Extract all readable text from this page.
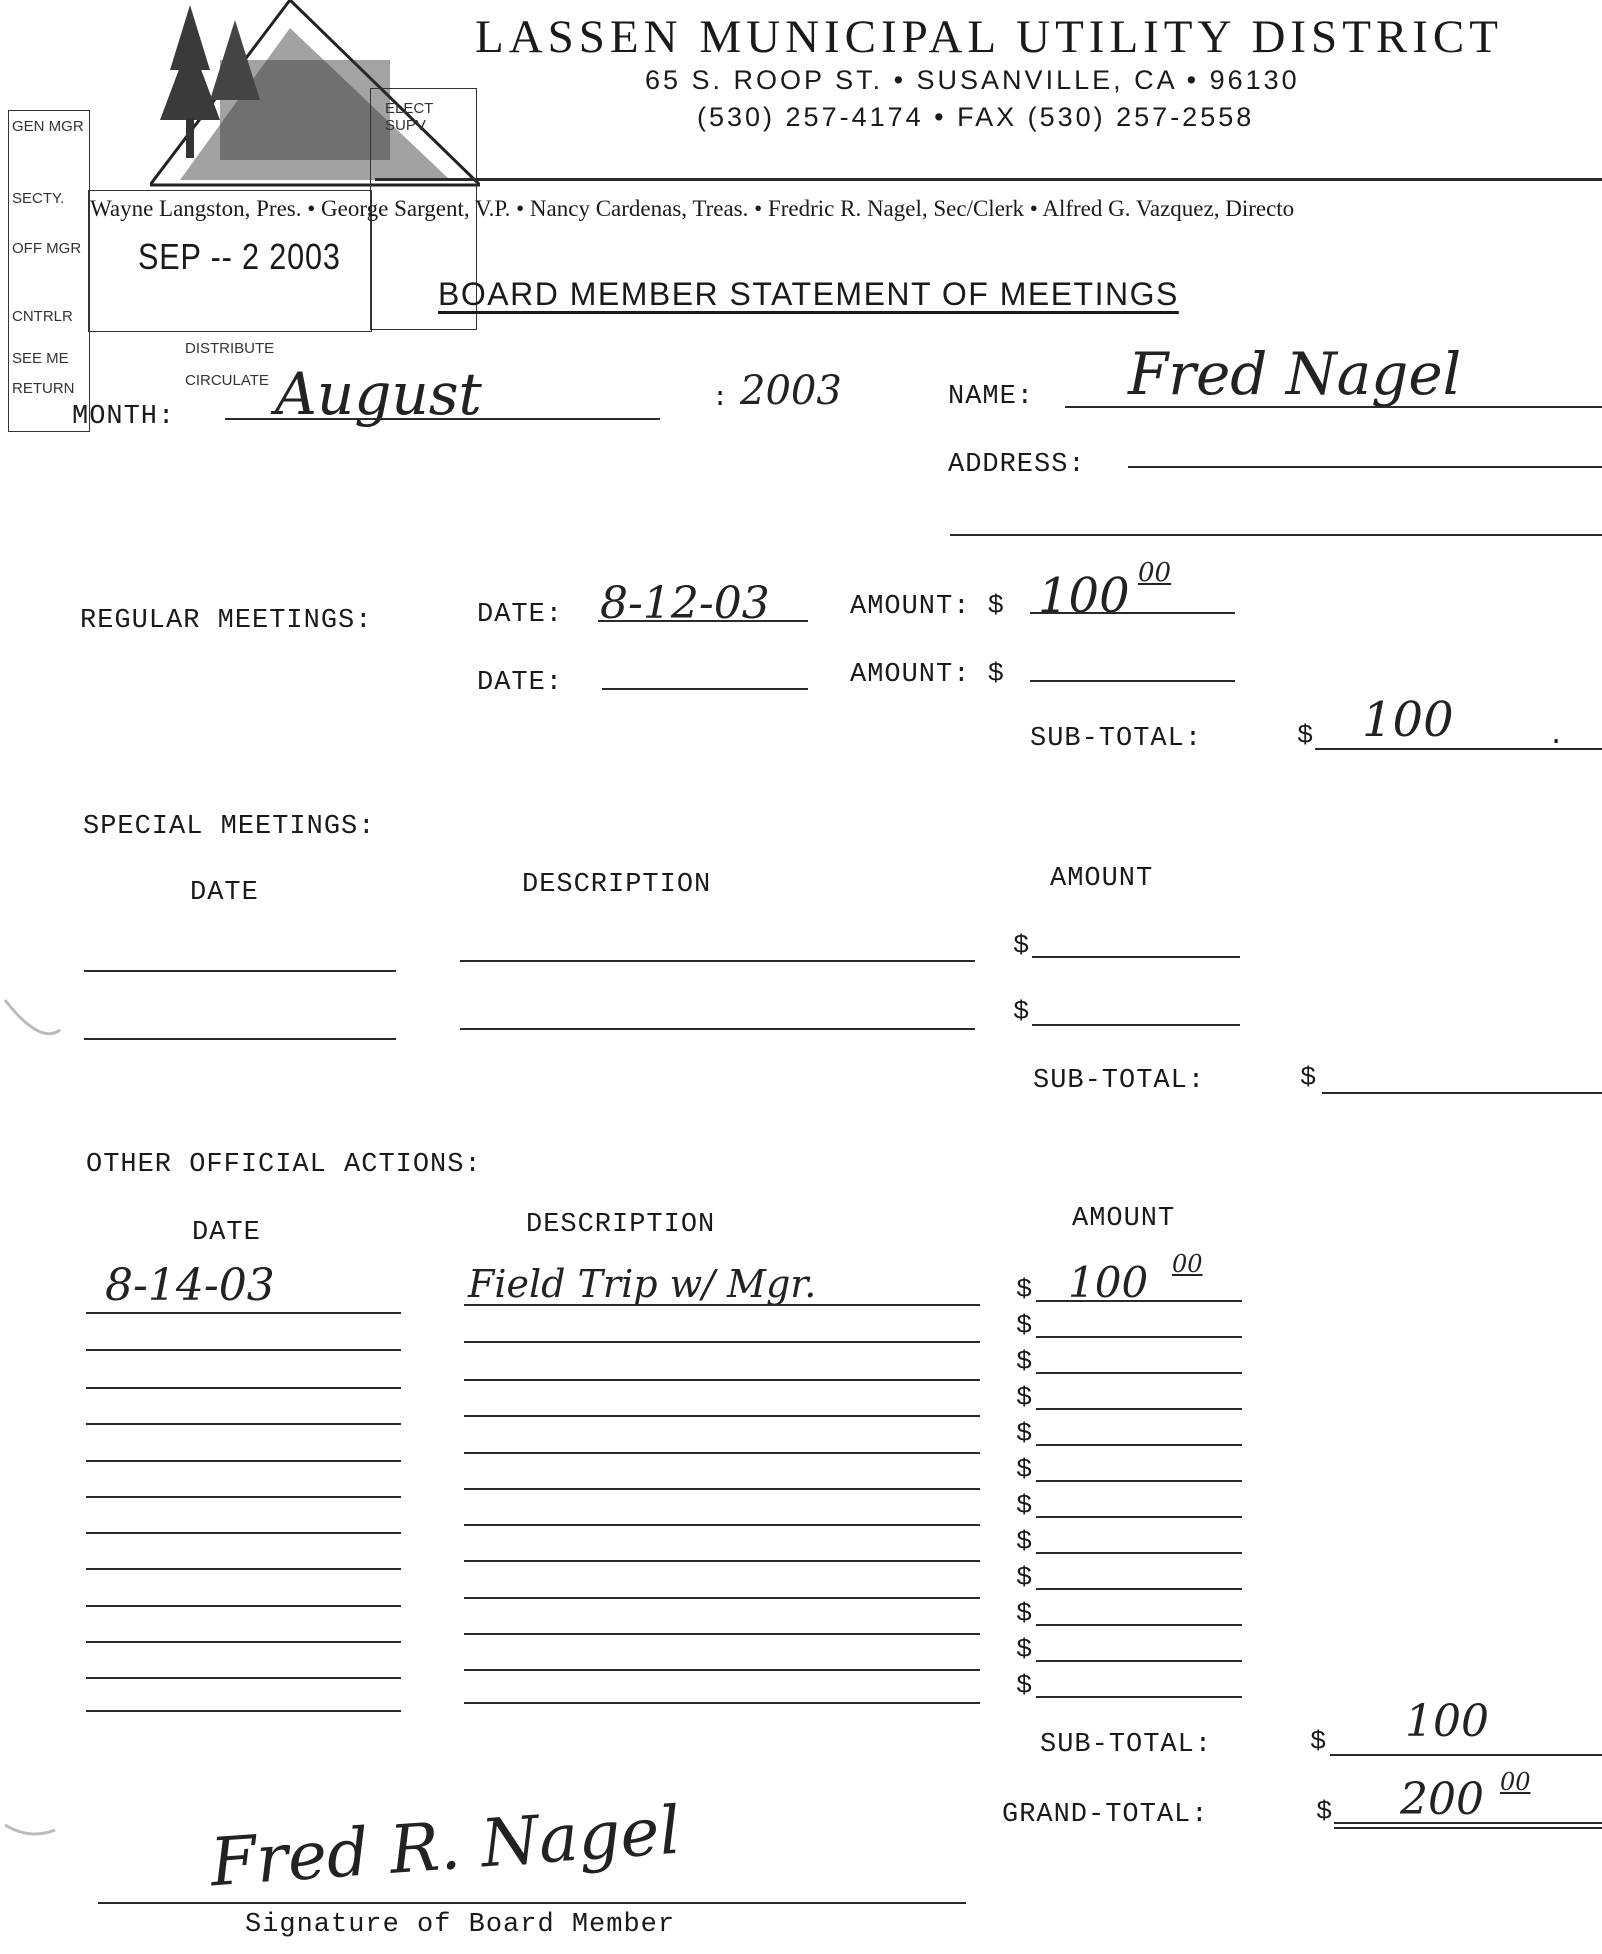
GEN MGR
SECTY.
OFF MGR
CNTRLR
SEE ME
RETURN
ELECT SUPV
DISTRIBUTE
CIRCULATE
SEP -- 2 2003
LASSEN MUNICIPAL UTILITY DISTRICT
65 S. ROOP ST. • SUSANVILLE, CA • 96130
(530) 257-4174 • FAX (530) 257-2558
Wayne Langston, Pres. • George Sargent, V.P. • Nancy Cardenas, Treas. • Fredric R. Nagel, Sec/Clerk • Alfred G. Vazquez, Directo
BOARD MEMBER STATEMENT OF MEETINGS
MONTH: August	: 2003	NAME: Fred Nagel
ADDRESS:
REGULAR MEETINGS:	DATE: 8-12-03	AMOUNT: $ 100 00
DATE:	AMOUNT: $
SUB-TOTAL:	$ 100	.
SPECIAL MEETINGS:
DATE	DESCRIPTION	AMOUNT
$
$
SUB-TOTAL:	$
OTHER OFFICIAL ACTIONS:
DATE	DESCRIPTION	AMOUNT
8-14-03	Field Trip w/ Mgr.	100 00
$
$
$
$
$
$
$
$
$
$
$
$
SUB-TOTAL:	$ 100
GRAND-TOTAL:	$ 200 00
Fred R. Nagel
Signature of Board Member
